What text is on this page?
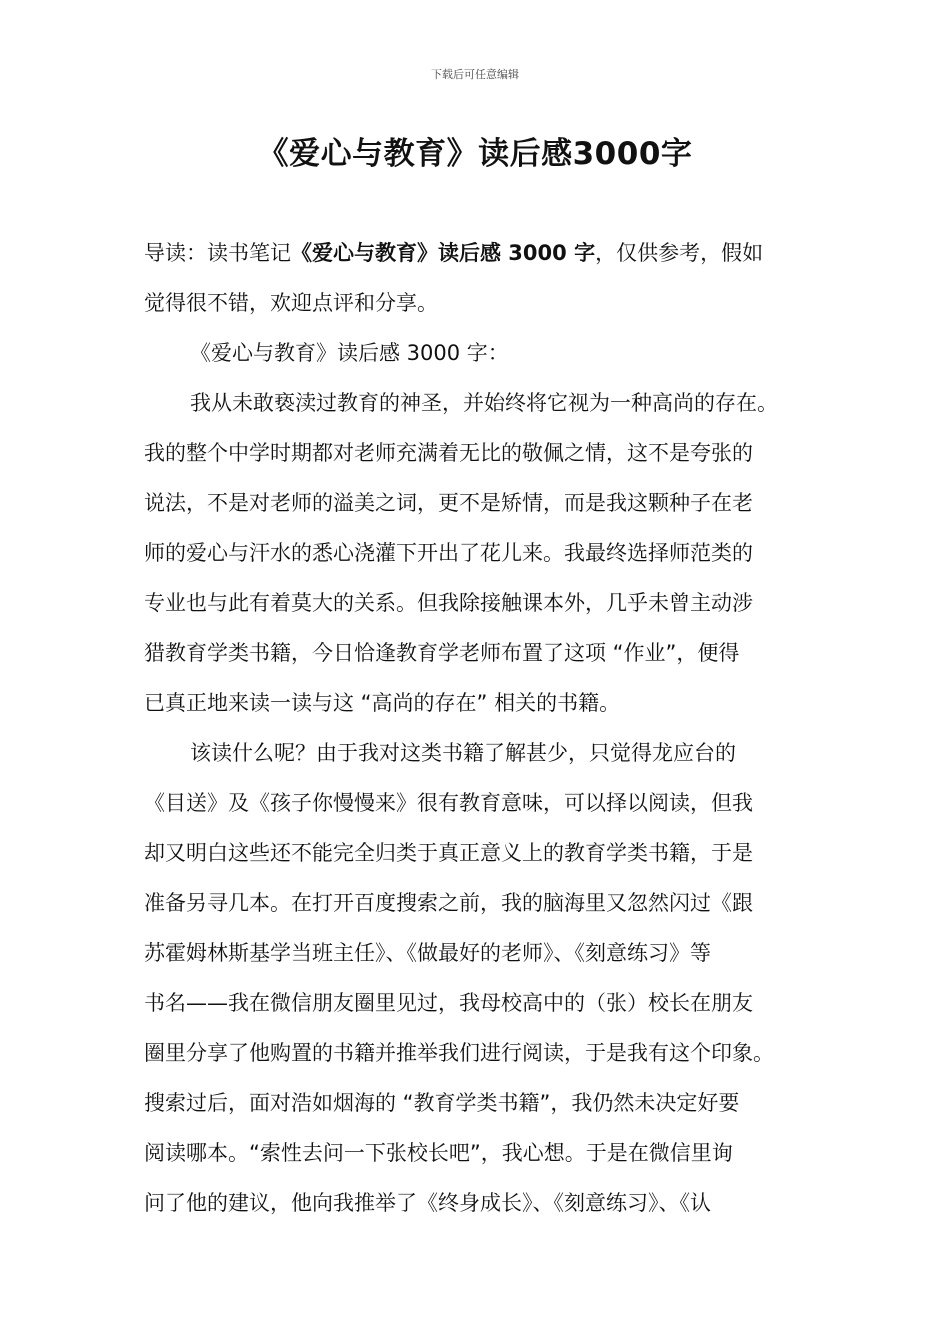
下载后可任意编辑
《爱心与教育》读后感3000字
导读：读书笔记《爱心与教育》读后感 3000 字，仅供参考，假如
觉得很不错，欢迎点评和分享。
《爱心与教育》读后感 3000 字：
我从未敢亵渎过教育的神圣，并始终将它视为一种高尚的存在。
我的整个中学时期都对老师充满着无比的敬佩之情，这不是夸张的
说法，不是对老师的溢美之词，更不是矫情，而是我这颗种子在老
师的爱心与汗水的悉心浇灌下开出了花儿来。我最终选择师范类的
专业也与此有着莫大的关系。但我除接触课本外，几乎未曾主动涉
猎教育学类书籍，今日恰逢教育学老师布置了这项 “作业”，便得
已真正地来读一读与这 “高尚的存在” 相关的书籍。
该读什么呢？由于我对这类书籍了解甚少，只觉得龙应台的
《目送》及《孩子你慢慢来》很有教育意味，可以择以阅读，但我
却又明白这些还不能完全归类于真正意义上的教育学类书籍，于是
准备另寻几本。在打开百度搜索之前，我的脑海里又忽然闪过《跟
苏霍姆林斯基学当班主任》、《做最好的老师》、《刻意练习》等
书名——我在微信朋友圈里见过，我母校高中的（张）校长在朋友
圈里分享了他购置的书籍并推举我们进行阅读，于是我有这个印象。
搜索过后，面对浩如烟海的 “教育学类书籍”，我仍然未决定好要
阅读哪本。“索性去问一下张校长吧”，我心想。于是在微信里询
问了他的建议，他向我推举了《终身成长》、《刻意练习》、《认
